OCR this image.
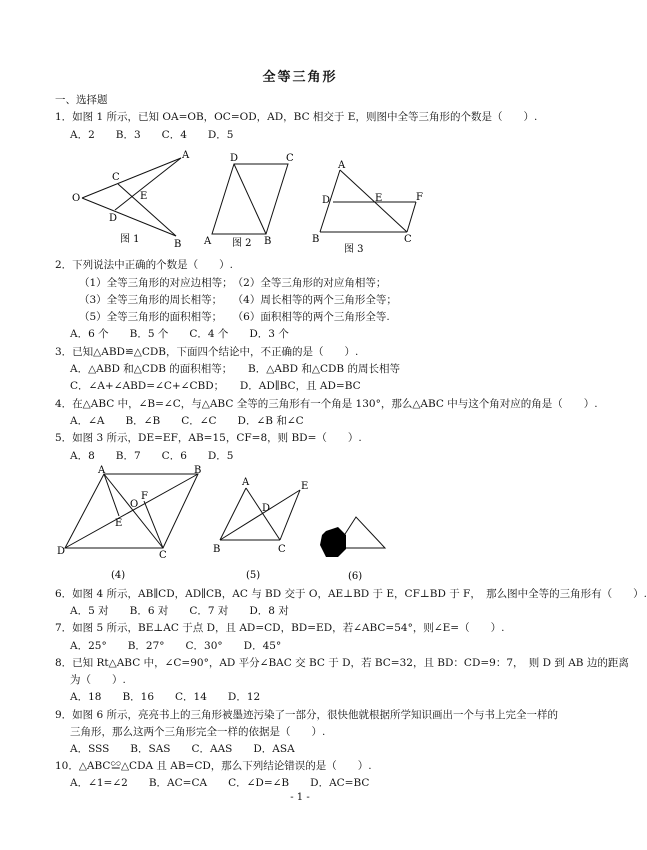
全等三角形
一、选择题
1．如图 1 所示，已知 OA=OB，OC=OD，AD，BC 相交于 E，则图中全等三角形的个数是（　　）.
A．2　　B．3　　C．4　　D．5
O
A
B
C
D
E
图 1
D	C
A	B
图 2
A
D	E	F
B	C
图 3
2．下列说法中正确的个数是（　　）.
（1）全等三角形的对应边相等；　（2）全等三角形的对应角相等；
（3）全等三角形的周长相等；　　（4）周长相等的两个三角形全等；
（5）全等三角形的面积相等；　　（6）面积相等的两个三角形全等.
A．6 个　　B．5 个　　C．4 个　　D．3 个
3．已知△ABD≌△CDB，下面四个结论中，不正确的是（　　）.
A．△ABD 和△CDB 的面积相等；　　B．△ABD 和△CDB 的周长相等
C．∠A+∠ABD=∠C+∠CBD；　　D．AD∥BC，且 AD=BC
4．在△ABC 中，∠B=∠C，与△ABC 全等的三角形有一个角是 130°，那么△ABC 中与这个角对应的角是（　　）.
A．∠A　　B．∠B　　C．∠C　　D．∠B 和∠C
5．如图 3 所示，DE=EF，AB=15，CF=8，则 BD=（　　）.
A．8　　B．7　　C．6　　D．5
A	B
D	C
O
F
E
(4)
A	E
D
B	C
(5)	(6)
6．如图 4 所示，AB∥CD，AD∥CB，AC 与 BD 交于 O，AE⊥BD 于 E，CF⊥BD 于 F，　那么图中全等的三角形有（　　）.
A．5 对　　B．6 对　　C．7 对　　D．8 对
7．如图 5 所示，BE⊥AC 于点 D，且 AD=CD，BD=ED，若∠ABC=54°，则∠E=（　　）.
A．25°　　B．27°　　C．30°　　D．45°
8．已知 Rt△ABC 中，∠C=90°，AD 平分∠BAC 交 BC 于 D，若 BC=32，且 BD：CD=9：7，　则 D 到 AB 边的距离
为（　　）.
A．18　　B．16　　C．14　　D．12
9．如图 6 所示，亮亮书上的三角形被墨迹污染了一部分，很快他就根据所学知识画出一个与书上完全一样的
三角形，那么这两个三角形完全一样的依据是（　　）.
A．SSS　　B．SAS　　C．AAS　　D．ASA
10．△ABC≌△CDA 且 AB=CD，那么下列结论错误的是（　　）.
A．∠1=∠2　　B．AC=CA　　C．∠D=∠B　　D．AC=BC
- 1 -
